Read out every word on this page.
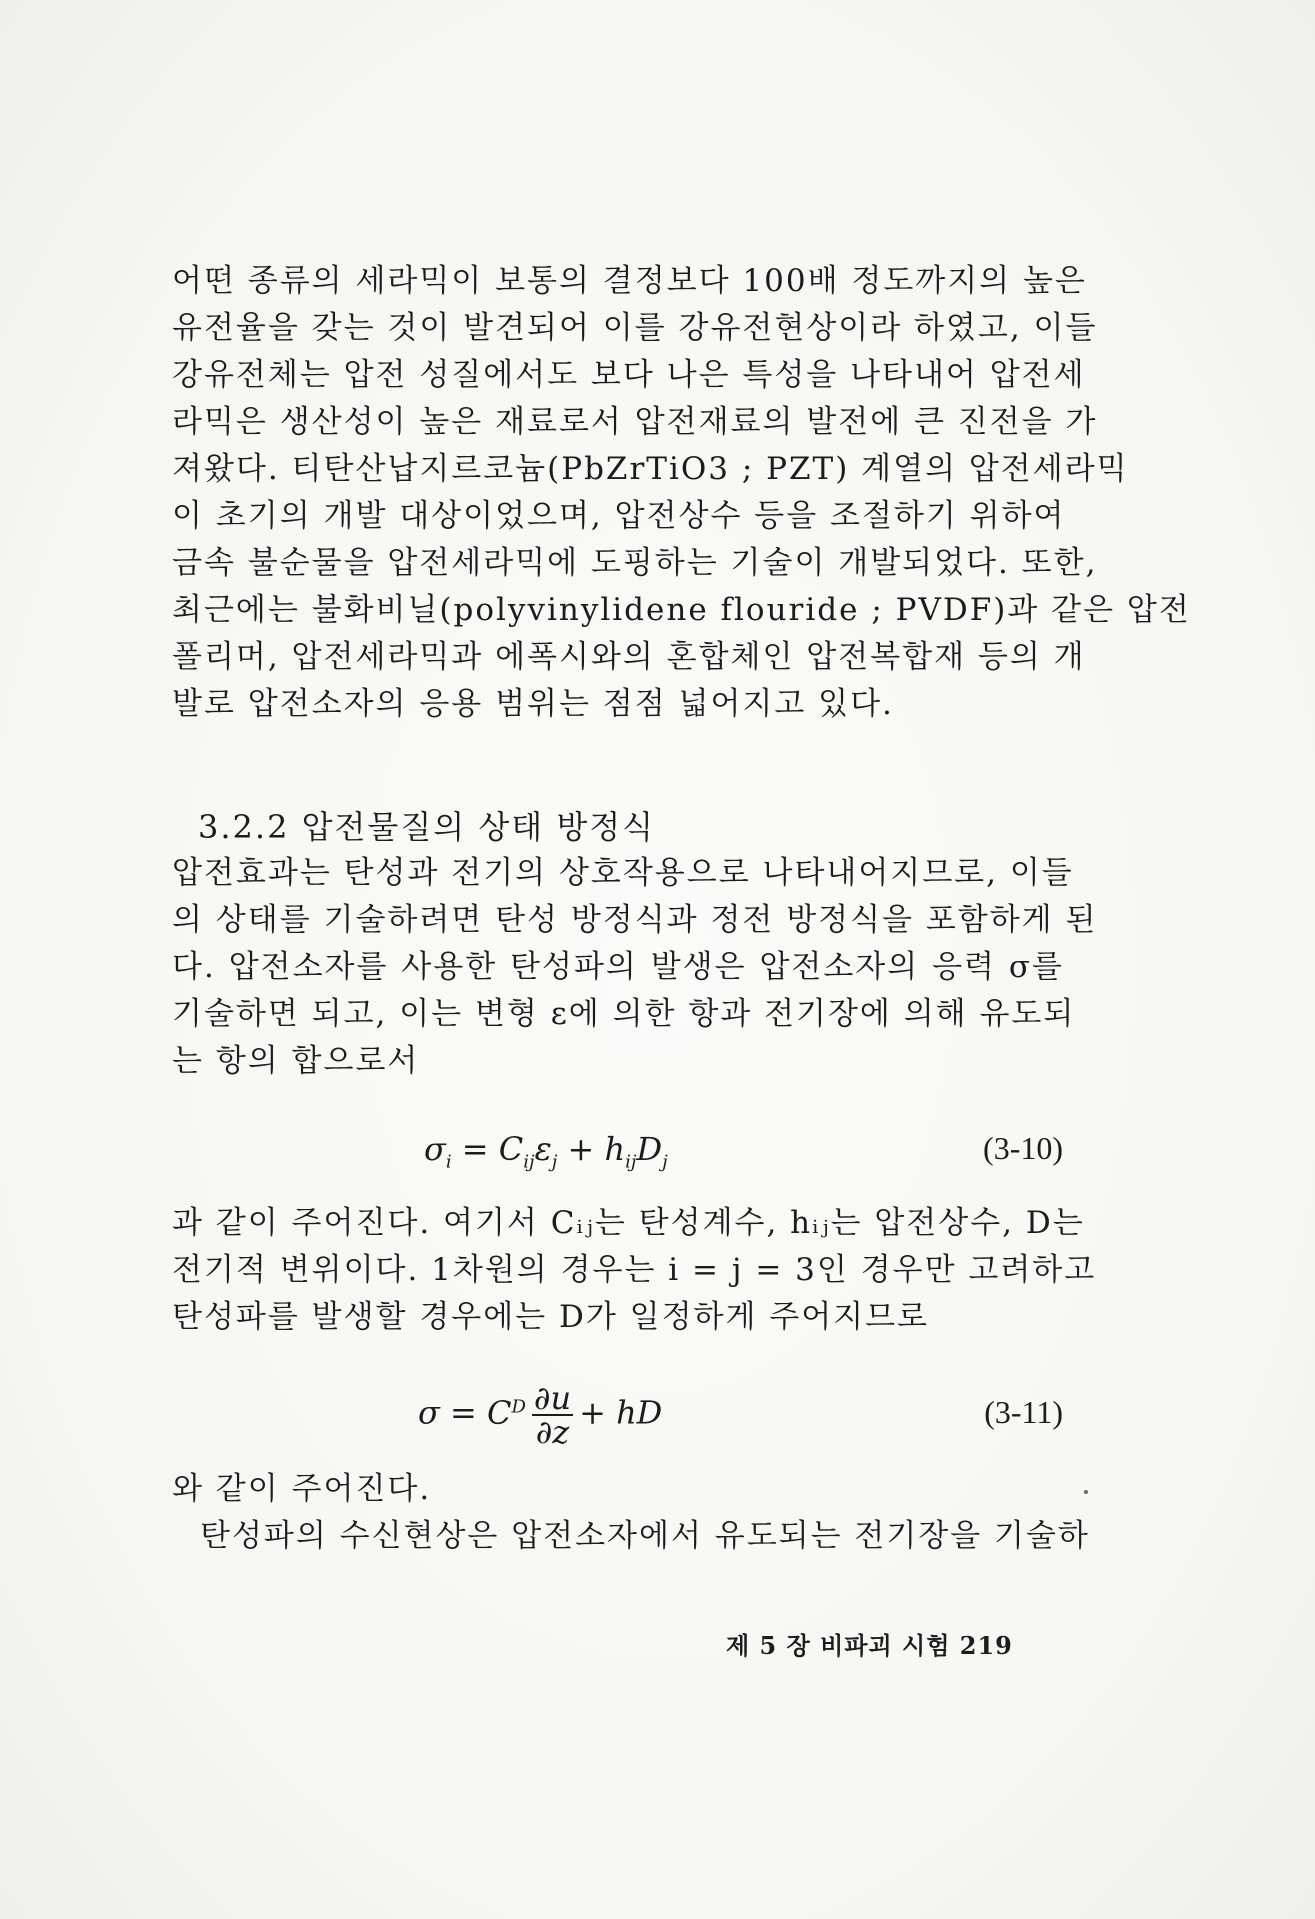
어떤 종류의 세라믹이 보통의 결정보다 100배 정도까지의 높은
유전율을 갖는 것이 발견되어 이를 강유전현상이라 하였고, 이들
강유전체는 압전 성질에서도 보다 나은 특성을 나타내어 압전세
라믹은 생산성이 높은 재료로서 압전재료의 발전에 큰 진전을 가
져왔다. 티탄산납지르코늄(PbZrTiO3 ; PZT) 계열의 압전세라믹
이 초기의 개발 대상이었으며, 압전상수 등을 조절하기 위하여
금속 불순물을 압전세라믹에 도핑하는 기술이 개발되었다. 또한,
최근에는 불화비닐(polyvinylidene flouride ; PVDF)과 같은 압전
폴리머, 압전세라믹과 에폭시와의 혼합체인 압전복합재 등의 개
발로 압전소자의 응용 범위는 점점 넓어지고 있다.
3.2.2 압전물질의 상태 방정식
압전효과는 탄성과 전기의 상호작용으로 나타내어지므로, 이들
의 상태를 기술하려면 탄성 방정식과 정전 방정식을 포함하게 된
다. 압전소자를 사용한 탄성파의 발생은 압전소자의 응력 σ를
기술하면 되고, 이는 변형 ε에 의한 항과 전기장에 의해 유도되
는 항의 합으로서
$\sigma_i = C_{ij}\varepsilon_j + h_{ij}D_j$	(3-10)
과 같이 주어진다. 여기서 Cᵢⱼ는 탄성계수, hᵢⱼ는 압전상수, D는
전기적 변위이다. 1차원의 경우는 i = j = 3인 경우만 고려하고
탄성파를 발생할 경우에는 D가 일정하게 주어지므로
$\sigma = C^D \frac{\partial u}{\partial z}$ + hD	(3-11)
와 같이 주어진다.
탄성파의 수신현상은 압전소자에서 유도되는 전기장을 기술하
제 5 장 비파괴 시험 219
